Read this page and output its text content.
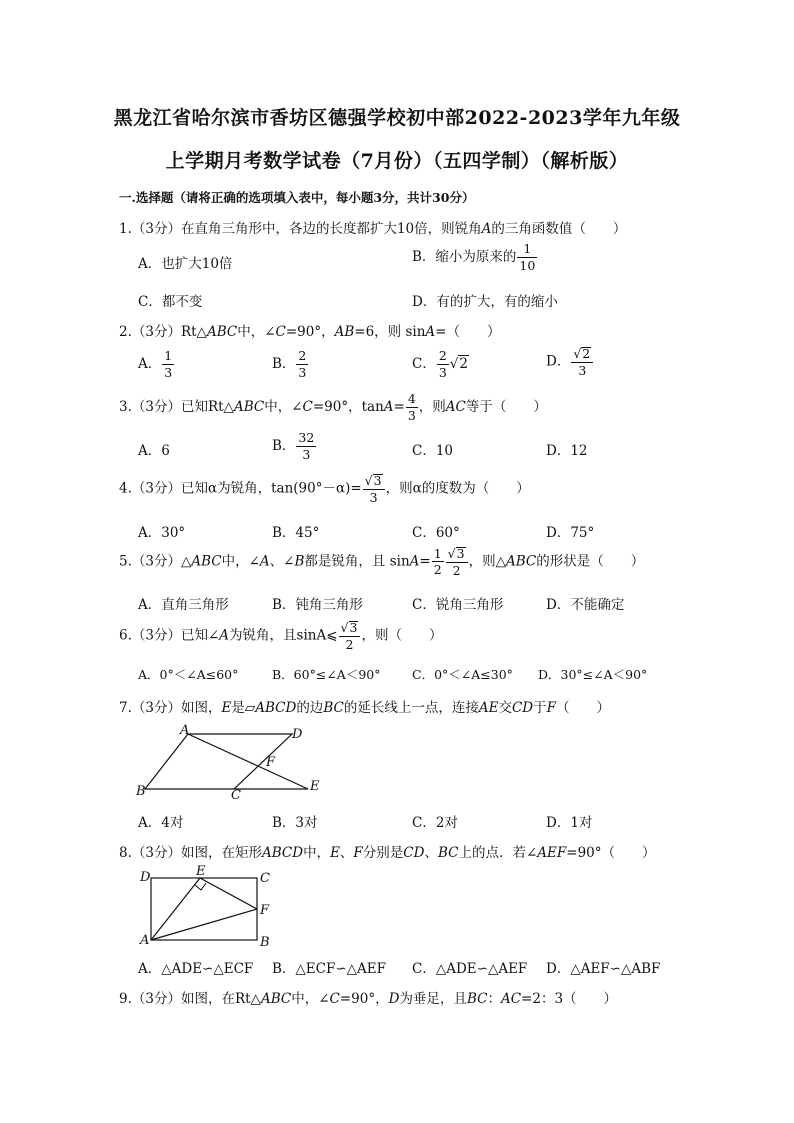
黑龙江省哈尔滨市香坊区德强学校初中部2022-2023学年九年级
上学期月考数学试卷（7月份）（五四学制）（解析版）
一.选择题（请将正确的选项填入表中，每小题3分，共计30分）
1.（3分）在直角三角形中，各边的长度都扩大10倍，则锐角A的三角函数值（　　）
A．也扩大10倍	B．缩小为原来的 $\frac{1}{10}$
C．都不变	D．有的扩大，有的缩小
2.（3分）Rt△ABC中，∠C=90°，AB=6，则 sinA=（　　）
A． $\frac{1}{3}$	B． $\frac{2}{3}$	C． $\frac{2}{3} √2$	D． $\frac{√2}{3}$
3.（3分）已知Rt△ABC中，∠C=90°，$\tan A= \frac{4}{3}$ ，则AC等于（　　）
A．6	B． $\frac{32}{3}$	C．10	D．12
4.（3分）已知α为锐角，$\tan(90^\circ-\alpha)= \frac{√3}{3}$ ，则α的度数为（　　）
A．30°	B．45°	C．60°	D．75°
5.（3分）△ABC中，∠A、∠B都是锐角，且 $\sin A= \frac{1}{2} \frac{√3}{2}$ ，则△ABC的形状是（　　）
A．直角三角形	B．钝角三角形	C．锐角三角形	D．不能确定
6.（3分）已知∠A为锐角，且sinA⩽ $\frac{√3}{2}$ ，则（　　）
A．0°＜∠A≤60°	B．60°≤∠A＜90°	C．0°＜∠A≤30° D．30°≤∠A＜90°
7.（3分）如图，E是▱ABCD的边BC的延长线上一点，连接AE交CD于F（　　）
A	D
B	C
E
F
A．4对	B．3对	C．2对	D．1对
8.（3分）如图，在矩形ABCD中，E、F分别是CD、BC上的点．若∠AEF=90°（　　）
D	E	C
F
A	B
A．△ADE∽△ECF B．△ECF∽△AEF C．△ADE∽△AEF D．△AEF∽△ABF
9.（3分）如图，在Rt△ABC中，∠C=90°，D为垂足，且BC：AC=2：3（　　）
